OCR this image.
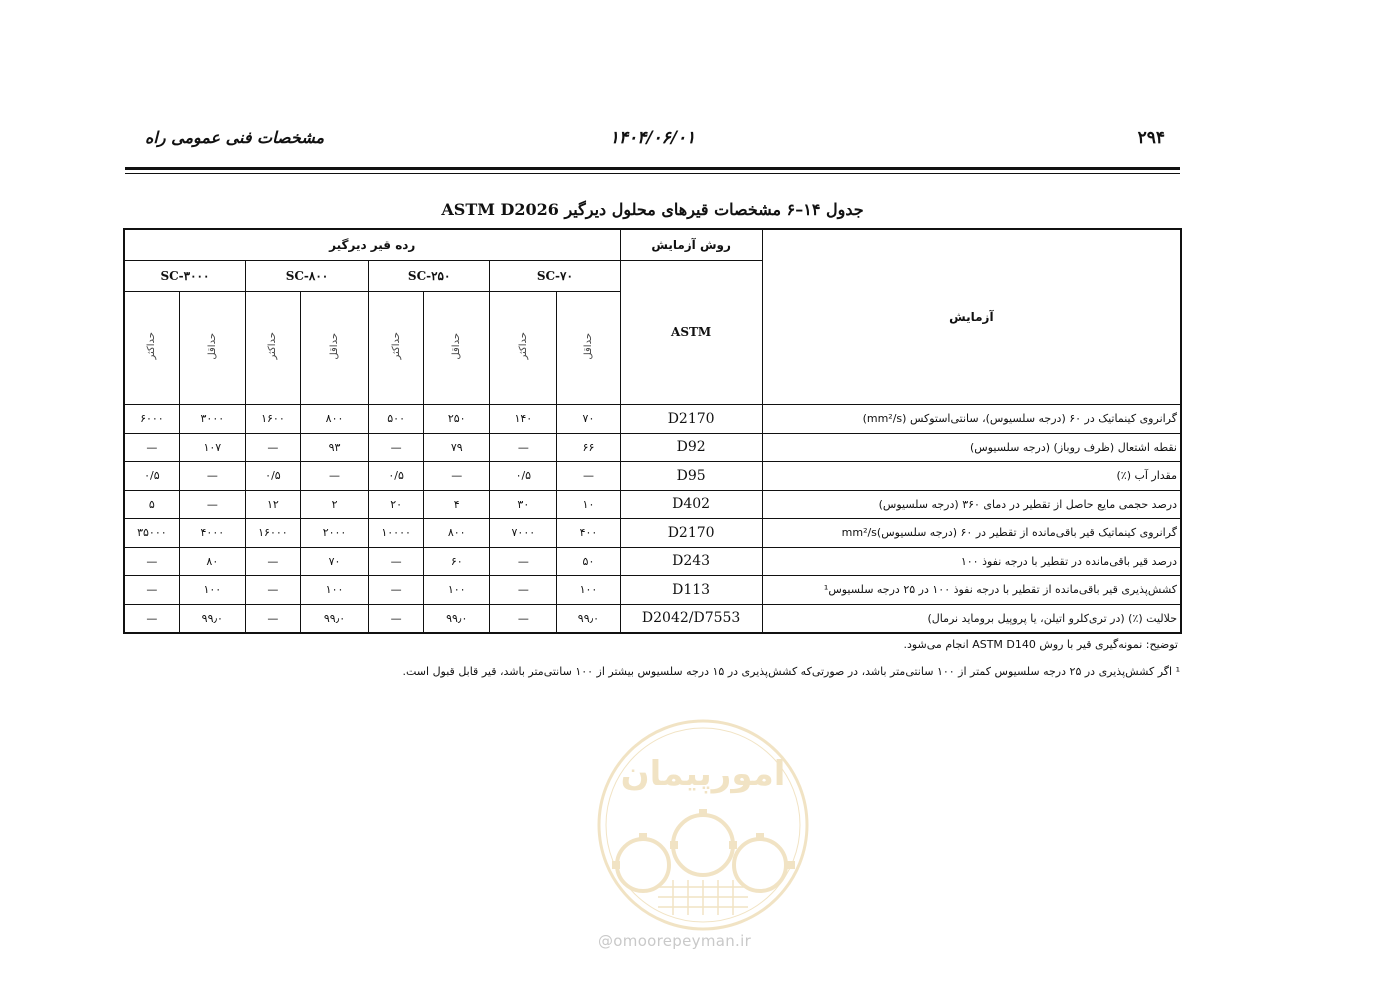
۲۹۴
۱۴۰۴/۰۶/۰۱
مشخصات فنی عمومی راه
جدول ۱۴–۶ مشخصات قیرهای محلول دیرگیر ASTM D2026
آزمایش	روش آزمایش	رده قیر دیرگیر							
	ASTM	SC-۷۰		SC-۲۵۰		SC-۸۰۰		SC-۳۰۰۰	
		حداقل	حداکثر	حداقل	حداکثر	حداقل	حداکثر	حداقل	حداکثر
گرانروی کینماتیک در ۶۰ (درجه سلسیوس)، سانتی‌استوکس (mm²/s)	D2170	۷۰	۱۴۰	۲۵۰	۵۰۰	۸۰۰	۱۶۰۰	۳۰۰۰	۶۰۰۰
نقطه اشتعال (ظرف روباز) (درجه سلسیوس)	D92	۶۶	—	۷۹	—	۹۳	—	۱۰۷	—
مقدار آب (٪)	D95	—	۰/۵	—	۰/۵	—	۰/۵	—	۰/۵
درصد حجمی مایع حاصل از تقطیر در دمای ۳۶۰ (درجه سلسیوس)	D402	۱۰	۳۰	۴	۲۰	۲	۱۲	—	۵
گرانروی کینماتیک قیر باقی‌مانده از تقطیر در ۶۰ (درجه سلسیوس)mm²/s	D2170	۴۰۰	۷۰۰۰	۸۰۰	۱۰۰۰۰	۲۰۰۰	۱۶۰۰۰	۴۰۰۰	۳۵۰۰۰
درصد قیر باقی‌مانده در تقطیر با درجه نفوذ ۱۰۰	D243	۵۰	—	۶۰	—	۷۰	—	۸۰	—
کشش‌پذیری قیر باقی‌مانده از تقطیر با درجه نفوذ ۱۰۰ در ۲۵ درجه سلسیوس¹	D113	۱۰۰	—	۱۰۰	—	۱۰۰	—	۱۰۰	—
حلالیت (٪) (در تری‌کلرو اتیلن، یا پروپیل بروماید نرمال)	D2042/D7553	۹۹٫۰	—	۹۹٫۰	—	۹۹٫۰	—	۹۹٫۰	—
توضیح: نمونه‌گیری قیر با روش ASTM D140 انجام می‌شود.
¹ اگر کشش‌پذیری در ۲۵ درجه سلسیوس کمتر از ۱۰۰ سانتی‌متر باشد، در صورتی‌که کشش‌پذیری در ۱۵ درجه سلسیوس بیشتر از ۱۰۰ سانتی‌متر باشد، قیر قابل قبول است.
امورپیمان
@omoorepeyman.ir
